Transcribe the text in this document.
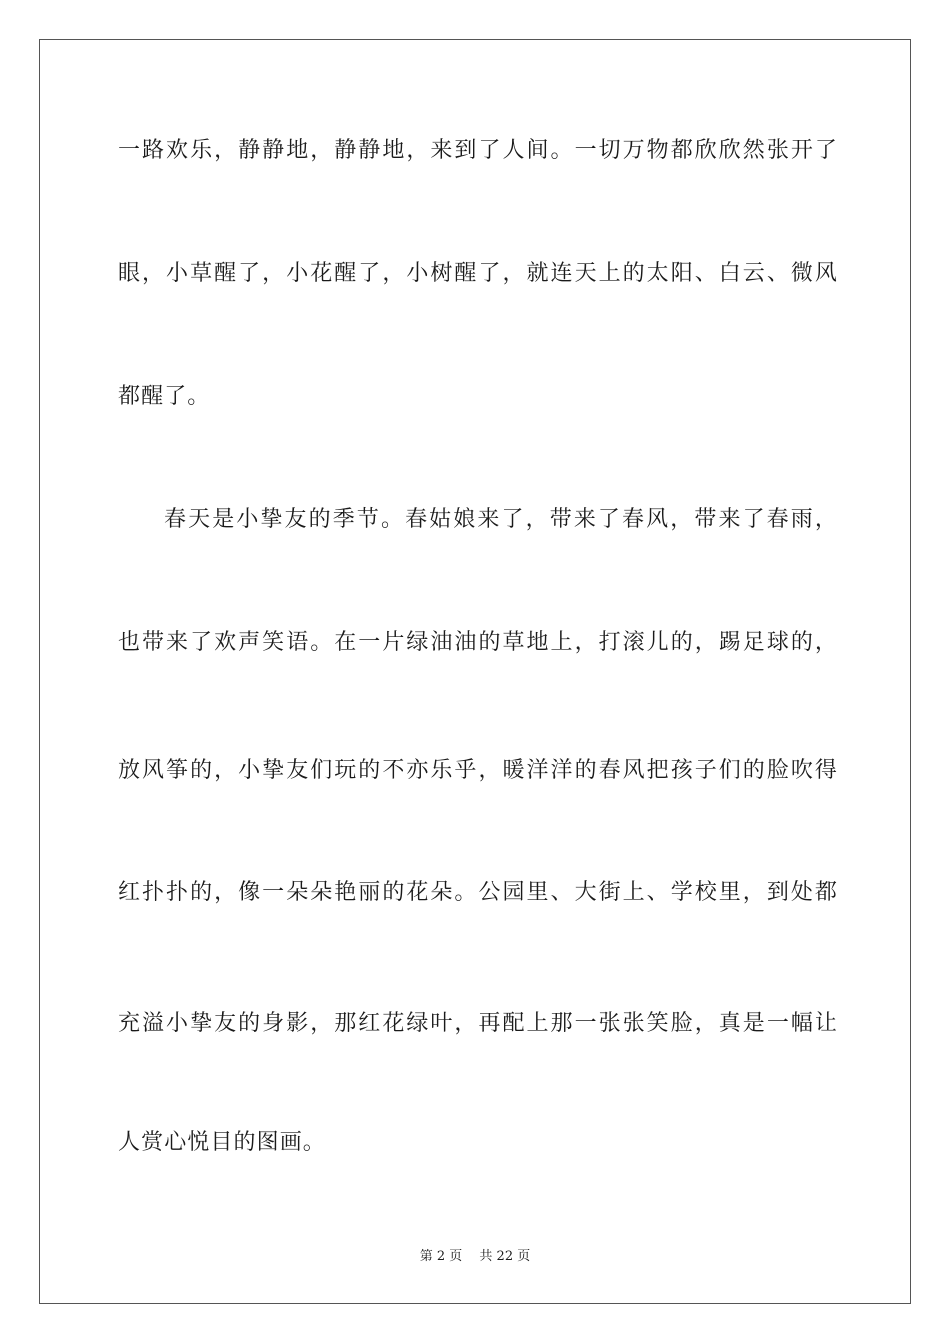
一路欢乐，静静地，静静地，来到了人间。一切万物都欣欣然张开了
眼，小草醒了，小花醒了，小树醒了，就连天上的太阳、白云、微风
都醒了。
春天是小挚友的季节。春姑娘来了，带来了春风，带来了春雨，
也带来了欢声笑语。在一片绿油油的草地上，打滚儿的，踢足球的，
放风筝的，小挚友们玩的不亦乐乎，暖洋洋的春风把孩子们的脸吹得
红扑扑的，像一朵朵艳丽的花朵。公园里、大街上、学校里，到处都
充溢小挚友的身影，那红花绿叶，再配上那一张张笑脸，真是一幅让
人赏心悦目的图画。
第 2 页　 共 22 页
